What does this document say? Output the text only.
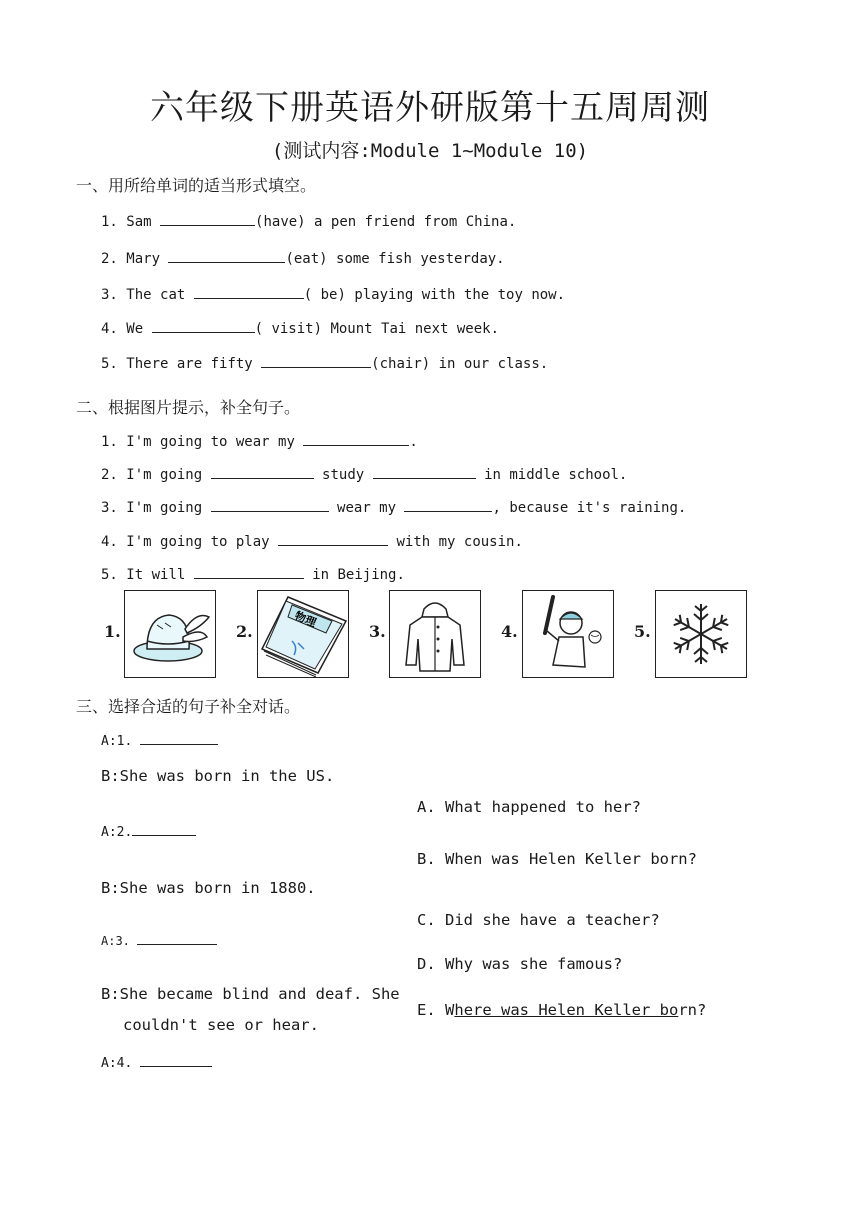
六年级下册英语外研版第十五周周测
(测试内容:Module 1~Module 10)
一、用所给单词的适当形式填空。
1. Sam	(have) a pen friend from China.
2. Mary	(eat) some fish yesterday.
3. The cat	( be) playing with the toy now.
4. We	( visit) Mount Tai next week.
5. There are fifty	(chair) in our class.
二、根据图片提示，补全句子。
1. I'm going to wear my	.
2. I'm going	study	in middle school.
3. I'm going	wear my	, because it's raining.
4. I'm going to play	with my cousin.
5. It will	in Beijing.
1.	2.
物理
3.	4.	5.
三、选择合适的句子补全对话。
A:1.
B:She was born in the US.
A:2.
B:She was born in 1880.
A:3.
B:She became blind and deaf. She
couldn't see or hear.
A:4.
A. What happened to her?
B. When was Helen Keller born?
C. Did she have a teacher?
D. Why was she famous?
E. Where was Helen Keller born?
